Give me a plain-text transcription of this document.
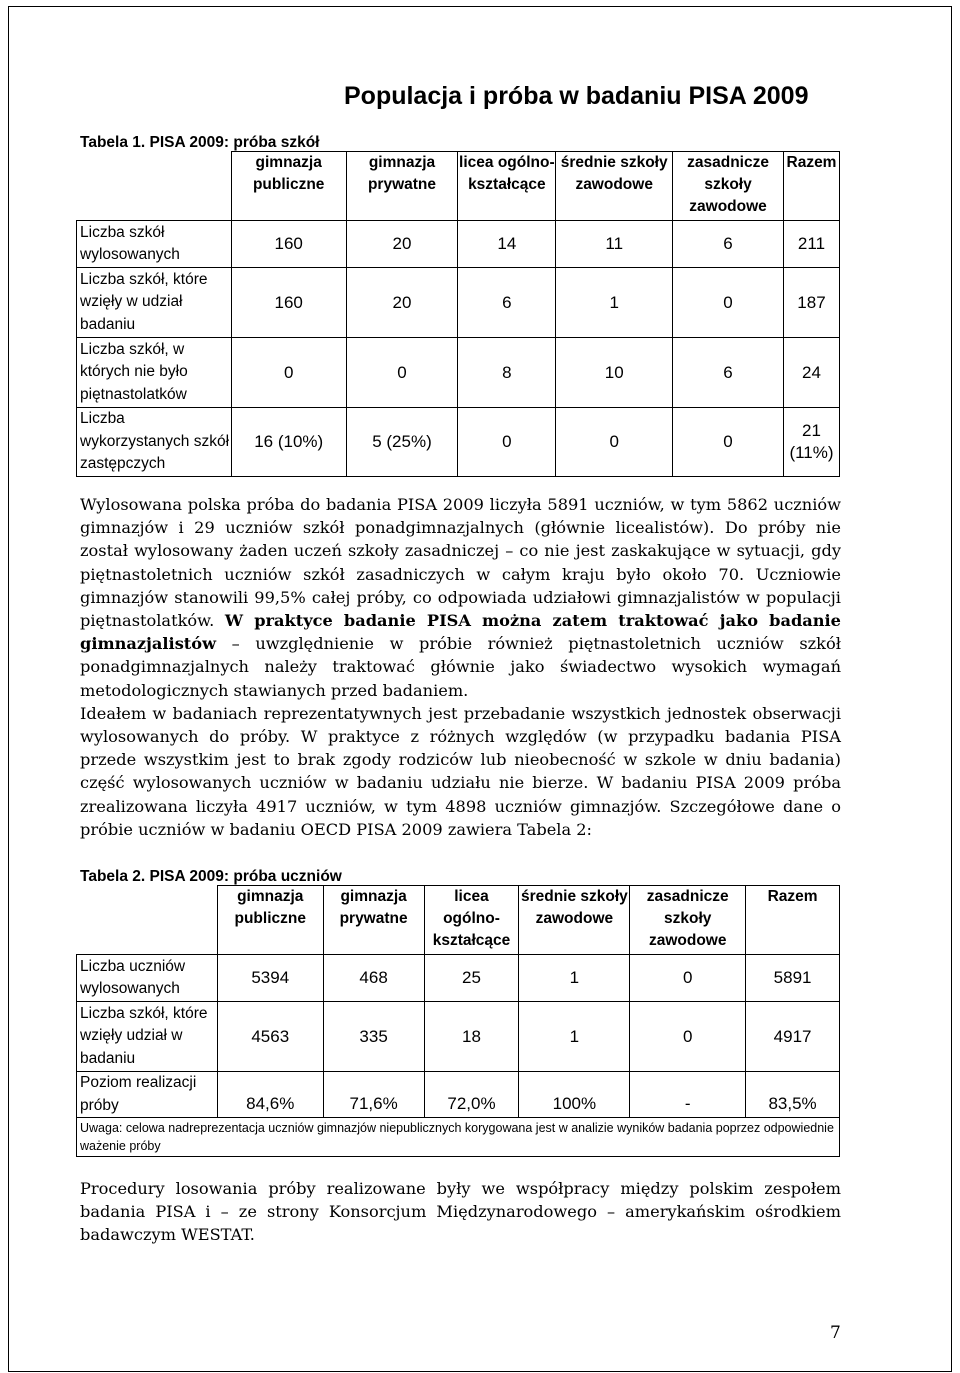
Populacja i próba w badaniu PISA 2009
Tabela 1. PISA 2009: próba szkół
	gimnazja publiczne	gimnazja prywatne	licea ogólno-kształcące	średnie szkoły zawodowe	zasadnicze szkoły zawodowe	Razem
Liczba szkół wylosowanych	160	20	14	11	6	211
Liczba szkół, które wzięły w udział badaniu	160	20	6	1	0	187
Liczba szkół, w których nie było piętnastolatków	0	0	8	10	6	24
Liczba wykorzystanych szkół zastępczych	16 (10%)	5 (25%)	0	0	0	21 (11%)

Wylosowana polska próba do badania PISA 2009 liczyła 5891 uczniów, w tym 5862 uczniów gimnazjów i 29 uczniów szkół ponadgimnazjalnych (głównie licealistów). Do próby nie został wylosowany żaden uczeń szkoły zasadniczej – co nie jest zaskakujące w sytuacji, gdy piętnastoletnich uczniów szkół zasadniczych w całym kraju było około 70. Uczniowie gimnazjów stanowili 99,5% całej próby, co odpowiada udziałowi gimnazjalistów w populacji piętnastolatków. W praktyce badanie PISA można zatem traktować jako badanie gimnazjalistów – uwzględnienie w próbie również piętnastoletnich uczniów szkół ponadgimnazjalnych należy traktować głównie jako świadectwo wysokich wymagań metodologicznych stawianych przed badaniem.

Ideałem w badaniach reprezentatywnych jest przebadanie wszystkich jednostek obserwacji wylosowanych do próby. W praktyce z różnych względów (w przypadku badania PISA przede wszystkim jest to brak zgody rodziców lub nieobecność w szkole w dniu badania) część wylosowanych uczniów w badaniu udziału nie bierze. W badaniu PISA 2009 próba zrealizowana liczyła 4917 uczniów, w tym 4898 uczniów gimnazjów. Szczegółowe dane o próbie uczniów w badaniu OECD PISA 2009 zawiera Tabela 2:

Tabela 2. PISA 2009: próba uczniów
	gimnazja publiczne	gimnazja prywatne	licea ogólno-kształcące	średnie szkoły zawodowe	zasadnicze szkoły zawodowe	Razem
Liczba uczniów wylosowanych	5394	468	25	1	0	5891
Liczba szkół, które wzięły udział w badaniu	4563	335	18	1	0	4917
Poziom realizacji próby	84,6%	71,6%	72,0%	100%	-	83,5%
Uwaga: celowa nadreprezentacja uczniów gimnazjów niepublicznych korygowana jest w analizie wyników badania poprzez odpowiednie ważenie próby						
Procedury losowania próby realizowane były we współpracy między polskim zespołem badania PISA i – ze strony Konsorcjum Międzynarodowego – amerykańskim ośrodkiem badawczym WESTAT.
7
